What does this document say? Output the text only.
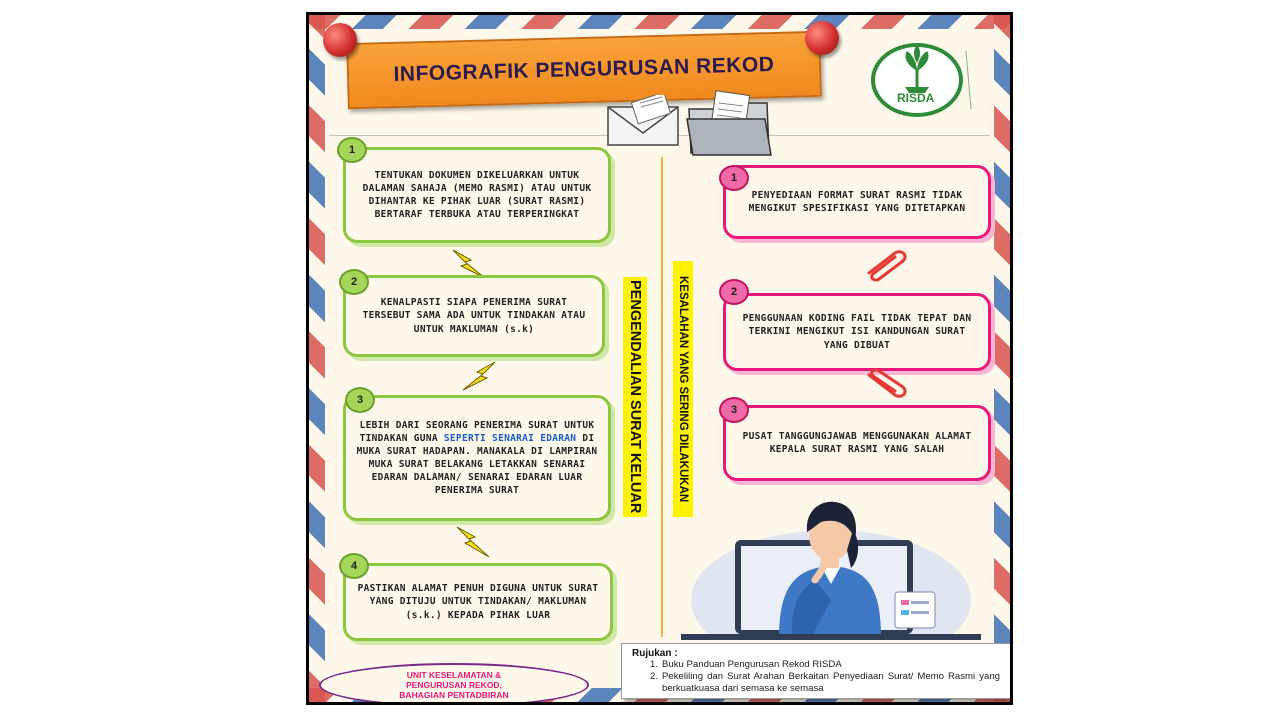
INFOGRAFIK PENGURUSAN REKOD
RISDA
PENGENDALIAN SURAT KELUAR	KESALAHAN YANG SERING DILAKUKAN
TENTUKAN DOKUMEN DIKELUARKAN UNTUK DALAMAN SAHAJA (MEMO RASMI) ATAU UNTUK DIHANTAR KE PIHAK LUAR (SURAT RASMI) BERTARAF TERBUKA ATAU TERPERINGKAT
1
KENALPASTI SIAPA PENERIMA SURAT TERSEBUT SAMA ADA UNTUK TINDAKAN ATAU UNTUK MAKLUMAN (s.k)
2
LEBIH DARI SEORANG PENERIMA SURAT UNTUK TINDAKAN GUNA SEPERTI SENARAI EDARAN DI MUKA SURAT HADAPAN. MANAKALA DI LAMPIRAN MUKA SURAT BELAKANG LETAKKAN SENARAI EDARAN DALAMAN/ SENARAI EDARAN LUAR PENERIMA SURAT
3
PASTIKAN ALAMAT PENUH DIGUNA UNTUK SURAT YANG DITUJU UNTUK TINDAKAN/ MAKLUMAN (s.k.) KEPADA PIHAK LUAR
4
PENYEDIAAN FORMAT SURAT RASMI TIDAK MENGIKUT SPESIFIKASI YANG DITETAPKAN
1
PENGGUNAAN KODING FAIL TIDAK TEPAT DAN TERKINI MENGIKUT ISI KANDUNGAN SURAT YANG DIBUAT
2
PUSAT TANGGUNGJAWAB MENGGUNAKAN ALAMAT KEPALA SURAT RASMI YANG SALAH
3
Rujukan :
1. Buku Panduan Pengurusan Rekod RISDA
2. Pekeliling dan Surat Arahan Berkaitan Penyediaan Surat/ Memo Rasmi yang berkuatkuasa dari semasa ke semasa
UNIT KESELAMATAN &
PENGURUSAN REKOD,
BAHAGIAN PENTADBIRAN
